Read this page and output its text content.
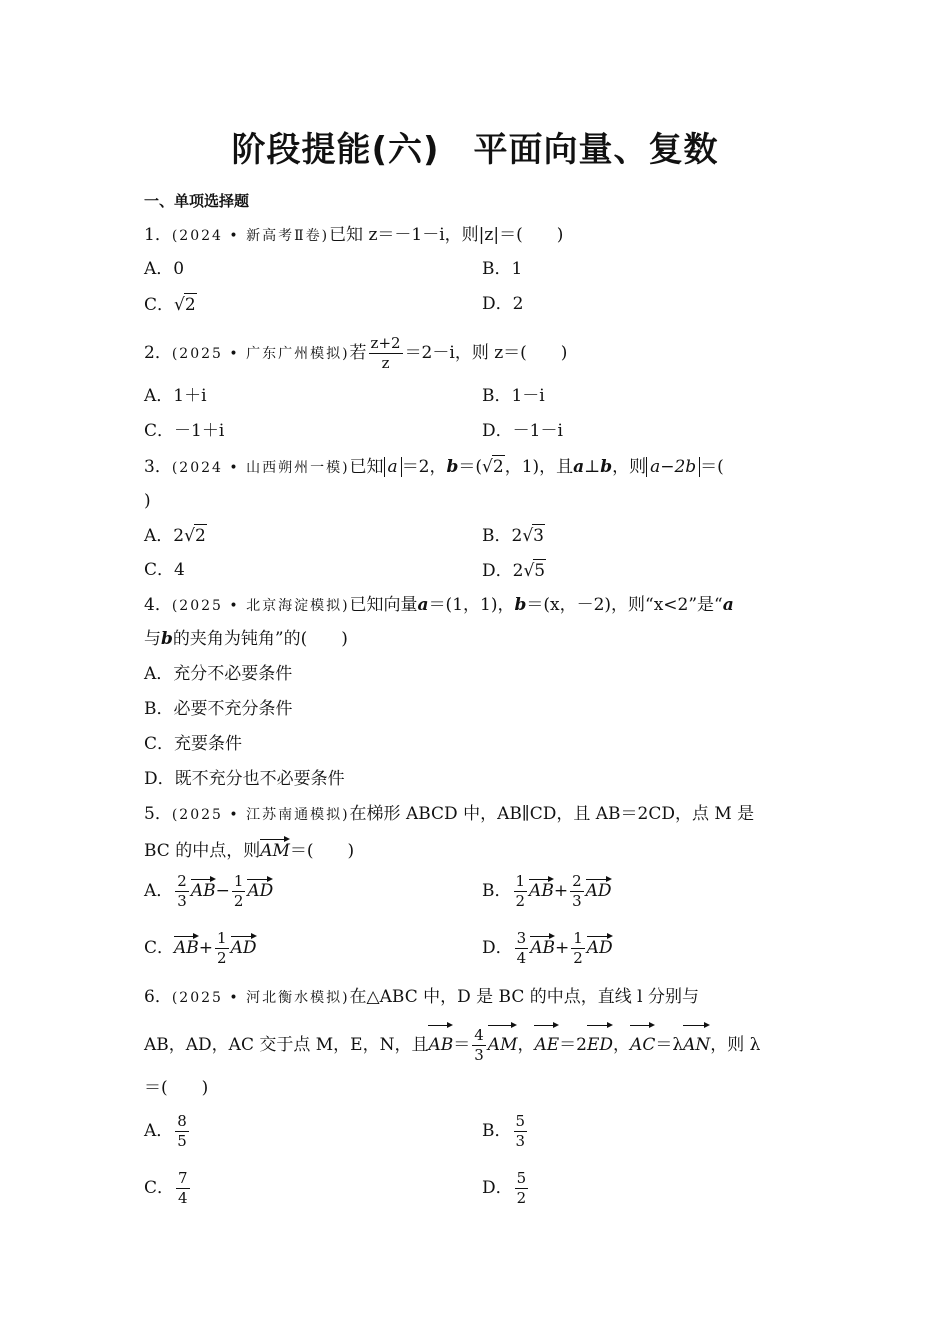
阶段提能(六) 平面向量、复数
一、单项选择题
1．(2024 • 新高考Ⅱ卷)已知 z＝－1－i，则|z|＝(　　)
A．0	B．1
C．√2	D．2
2．(2025 • 广东广州模拟)若 $\frac{z+2}{z} =2-i$，则 z＝(　　)
A．1＋i	B．1－i
C．－1＋i	D．－1－i
3．(2024 • 山西朔州一模)已知 a ＝2，b＝(√2，1)，且a⊥b，则 a−2b ＝(
)
A．2√2	B．2√3
C．4	D．2√5
4．(2025 • 北京海淀模拟)已知向量a＝(1，1)，b＝(x，－2)，则“x<2”是“a
与b的夹角为钝角”的(　　)
A．充分不必要条件
B．必要不充分条件
C．充要条件
D．既不充分也不必要条件
5．(2025 • 江苏南通模拟)在梯形 ABCD 中，AB∥CD，且 AB＝2CD，点 M 是
BC 的中点，则AM＝(　　)
A． $\frac{2}{3} AB- \frac{1}{2}$ AD	B． $\frac{1}{2} AB+ \frac{2}{3}$ AD
C．$AB+ \frac{1}{2}$ AD	D． $\frac{3}{4} AB+ \frac{1}{2}$ AD
6．(2025 • 河北衡水模拟)在△ABC 中，D 是 BC 的中点，直线 l 分别与
AB，AD，AC 交于点 M，E，N，且$AB= \frac{4}{3}$ AM，AE＝2ED，AC＝λAN，则 λ
＝(　　)
A． $\frac{8}{5}$	B． $\frac{5}{3}$
C． $\frac{7}{4}$	D． $\frac{5}{2}$
